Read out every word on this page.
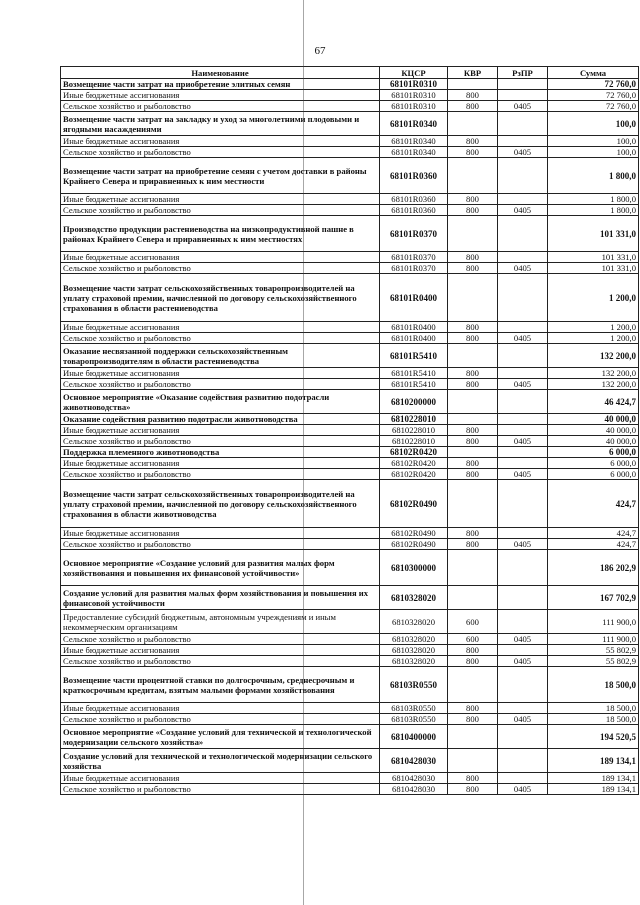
67
Наименование	КЦСР	КВР	РзПР	Сумма
Возмещение части затрат на приобретение элитных семян	68101R0310			72 760,0
Иные бюджетные ассигнования	68101R0310	800		72 760,0
Сельское хозяйство и рыболовство	68101R0310	800	0405	72 760,0
Возмещение части затрат на закладку и уход за многолетними плодовыми и ягодными насаждениями	68101R0340			100,0
Иные бюджетные ассигнования	68101R0340	800		100,0
Сельское хозяйство и рыболовство	68101R0340	800	0405	100,0
Возмещение части затрат на приобретение семян с учетом доставки в районы Крайнего Севера и приравненных к ним местности	68101R0360			1 800,0
Иные бюджетные ассигнования	68101R0360	800		1 800,0
Сельское хозяйство и рыболовство	68101R0360	800	0405	1 800,0
Производство продукции растениеводства на низкопродуктивной пашне в районах Крайнего Севера и приравненных к ним местностях	68101R0370			101 331,0
Иные бюджетные ассигнования	68101R0370	800		101 331,0
Сельское хозяйство и рыболовство	68101R0370	800	0405	101 331,0
Возмещение части затрат сельскохозяйственных товаропроизводителей на уплату страховой премии, начисленной по договору сельскохозяйственного страхования в области растениеводства	68101R0400			1 200,0
Иные бюджетные ассигнования	68101R0400	800		1 200,0
Сельское хозяйство и рыболовство	68101R0400	800	0405	1 200,0
Оказание несвязанной поддержки сельскохозяйственным товаропроизводителям в области растениеводства	68101R5410			132 200,0
Иные бюджетные ассигнования	68101R5410	800		132 200,0
Сельское хозяйство и рыболовство	68101R5410	800	0405	132 200,0
Основное мероприятие «Оказание содействия развитию подотрасли животноводства»	6810200000			46 424,7
Оказание содействия развитию подотрасли животноводства	6810228010			40 000,0
Иные бюджетные ассигнования	6810228010	800		40 000,0
Сельское хозяйство и рыболовство	6810228010	800	0405	40 000,0
Поддержка племенного животноводства	68102R0420			6 000,0
Иные бюджетные ассигнования	68102R0420	800		6 000,0
Сельское хозяйство и рыболовство	68102R0420	800	0405	6 000,0
Возмещение части затрат сельскохозяйственных товаропроизводителей на уплату страховой премии, начисленной по договору сельскохозяйственного страхования в области животноводства	68102R0490			424,7
Иные бюджетные ассигнования	68102R0490	800		424,7
Сельское хозяйство и рыболовство	68102R0490	800	0405	424,7
Основное мероприятие «Создание условий для развития малых форм хозяйствования и повышения их финансовой устойчивости»	6810300000			186 202,9
Создание условий для развития малых форм хозяйствования и повышения их финансовой устойчивости	6810328020			167 702,9
Предоставление субсидий бюджетным, автономным учреждениям и иным некоммерческим организациям	6810328020	600		111 900,0
Сельское хозяйство и рыболовство	6810328020	600	0405	111 900,0
Иные бюджетные ассигнования	6810328020	800		55 802,9
Сельское хозяйство и рыболовство	6810328020	800	0405	55 802,9
Возмещение части процентной ставки по долгосрочным, среднесрочным и краткосрочным кредитам, взятым малыми формами хозяйствования	68103R0550			18 500,0
Иные бюджетные ассигнования	68103R0550	800		18 500,0
Сельское хозяйство и рыболовство	68103R0550	800	0405	18 500,0
Основное мероприятие «Создание условий для технической и технологической модернизации сельского хозяйства»	6810400000			194 520,5
Создание условий для технической и технологической модернизации сельского хозяйства	6810428030			189 134,1
Иные бюджетные ассигнования	6810428030	800		189 134,1
Сельское хозяйство и рыболовство	6810428030	800	0405	189 134,1
